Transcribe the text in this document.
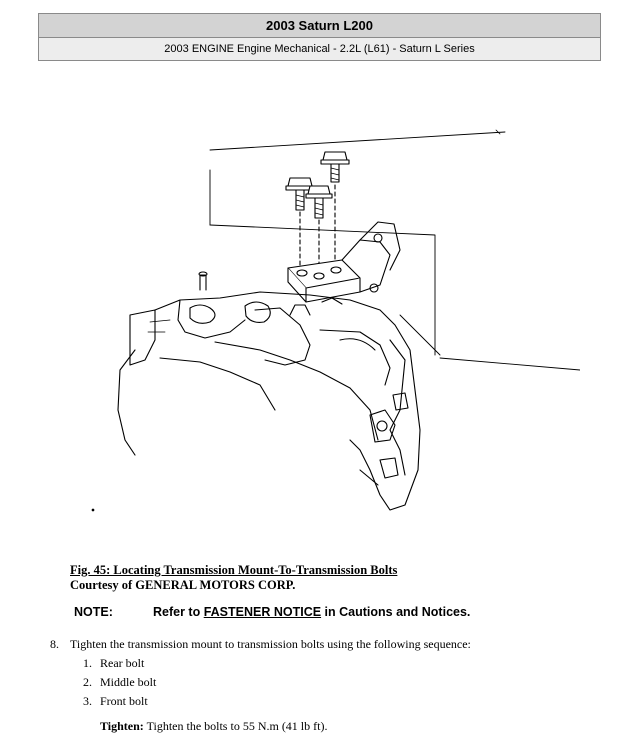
2003 Saturn L200
2003 ENGINE Engine Mechanical - 2.2L (L61) - Saturn L Series
Fig. 45: Locating Transmission Mount-To-Transmission Bolts
Courtesy of GENERAL MOTORS CORP.
NOTE:	Refer to FASTENER NOTICE in Cautions and Notices.
8. Tighten the transmission mount to transmission bolts using the following sequence:
1. Rear bolt
2. Middle bolt
3. Front bolt
Tighten: Tighten the bolts to 55 N.m (41 lb ft).
